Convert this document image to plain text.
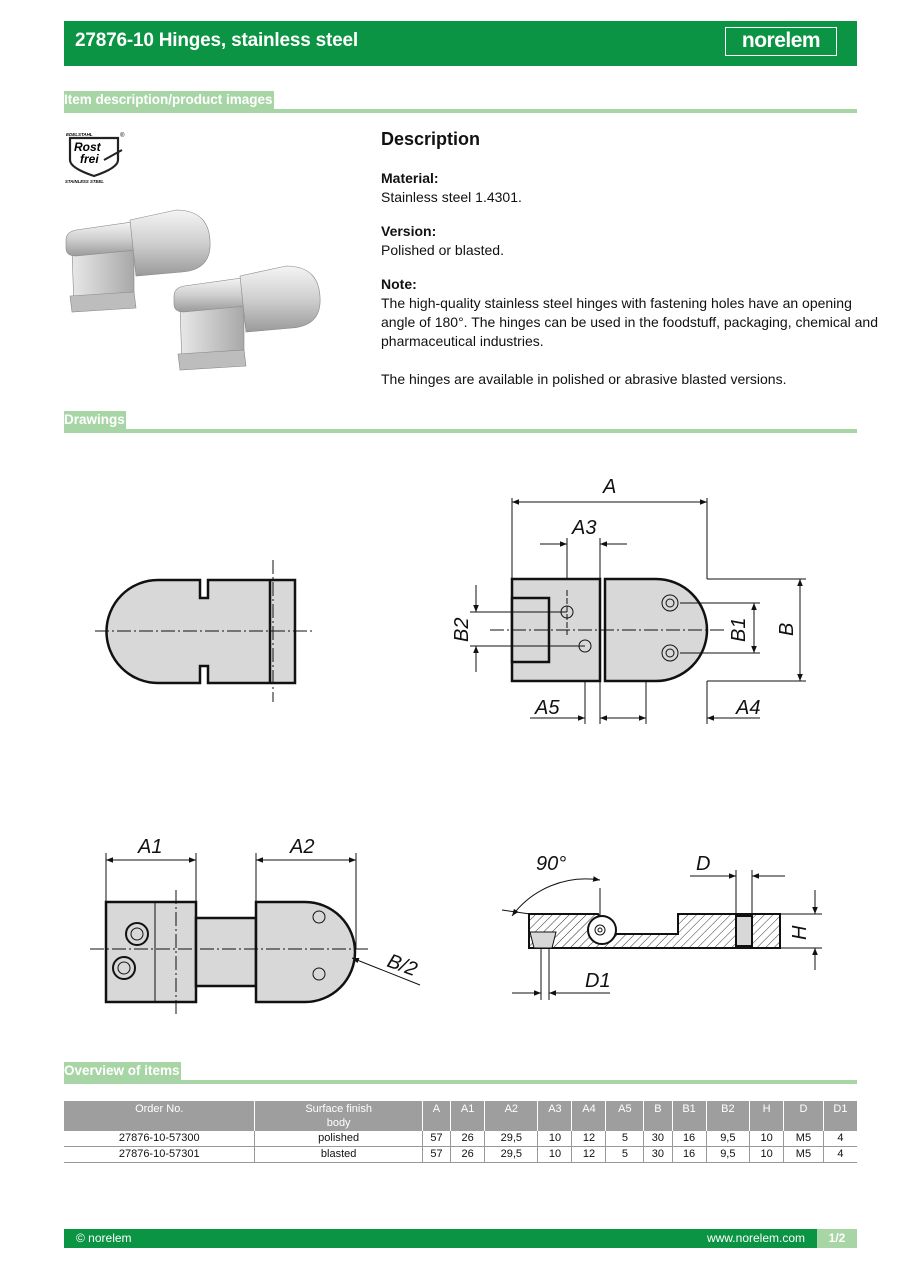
27876-10 Hinges, stainless steel	norelem
Item description/product images
EDELSTAHL	®
Rost
frei
STAINLESS STEEL
Description
Material:
Stainless steel 1.4301.
Version:
Polished or blasted.
Note:
The high-quality stainless steel hinges with fastening holes have an opening
angle of 180°. The hinges can be used in the foodstuff, packaging, chemical and
pharmaceutical industries.
The hinges are available in polished or abrasive blasted versions.
Drawings
A
A3
A5	A4
B
B1
B2
A1	A2
B/2
90°	D
H
D1
Overview of items
Order No.	Surface finish
body	A	A1	A2	A3	A4	A5	B	B1	B2	H	D	D1
27876-10-57300	polished	57	26	29,5	10	12	5	30	16	9,5	10	M5	4
27876-10-57301	blasted	57	26	29,5	10	12	5	30	16	9,5	10	M5	4
© norelem	www.norelem.com	1/2
